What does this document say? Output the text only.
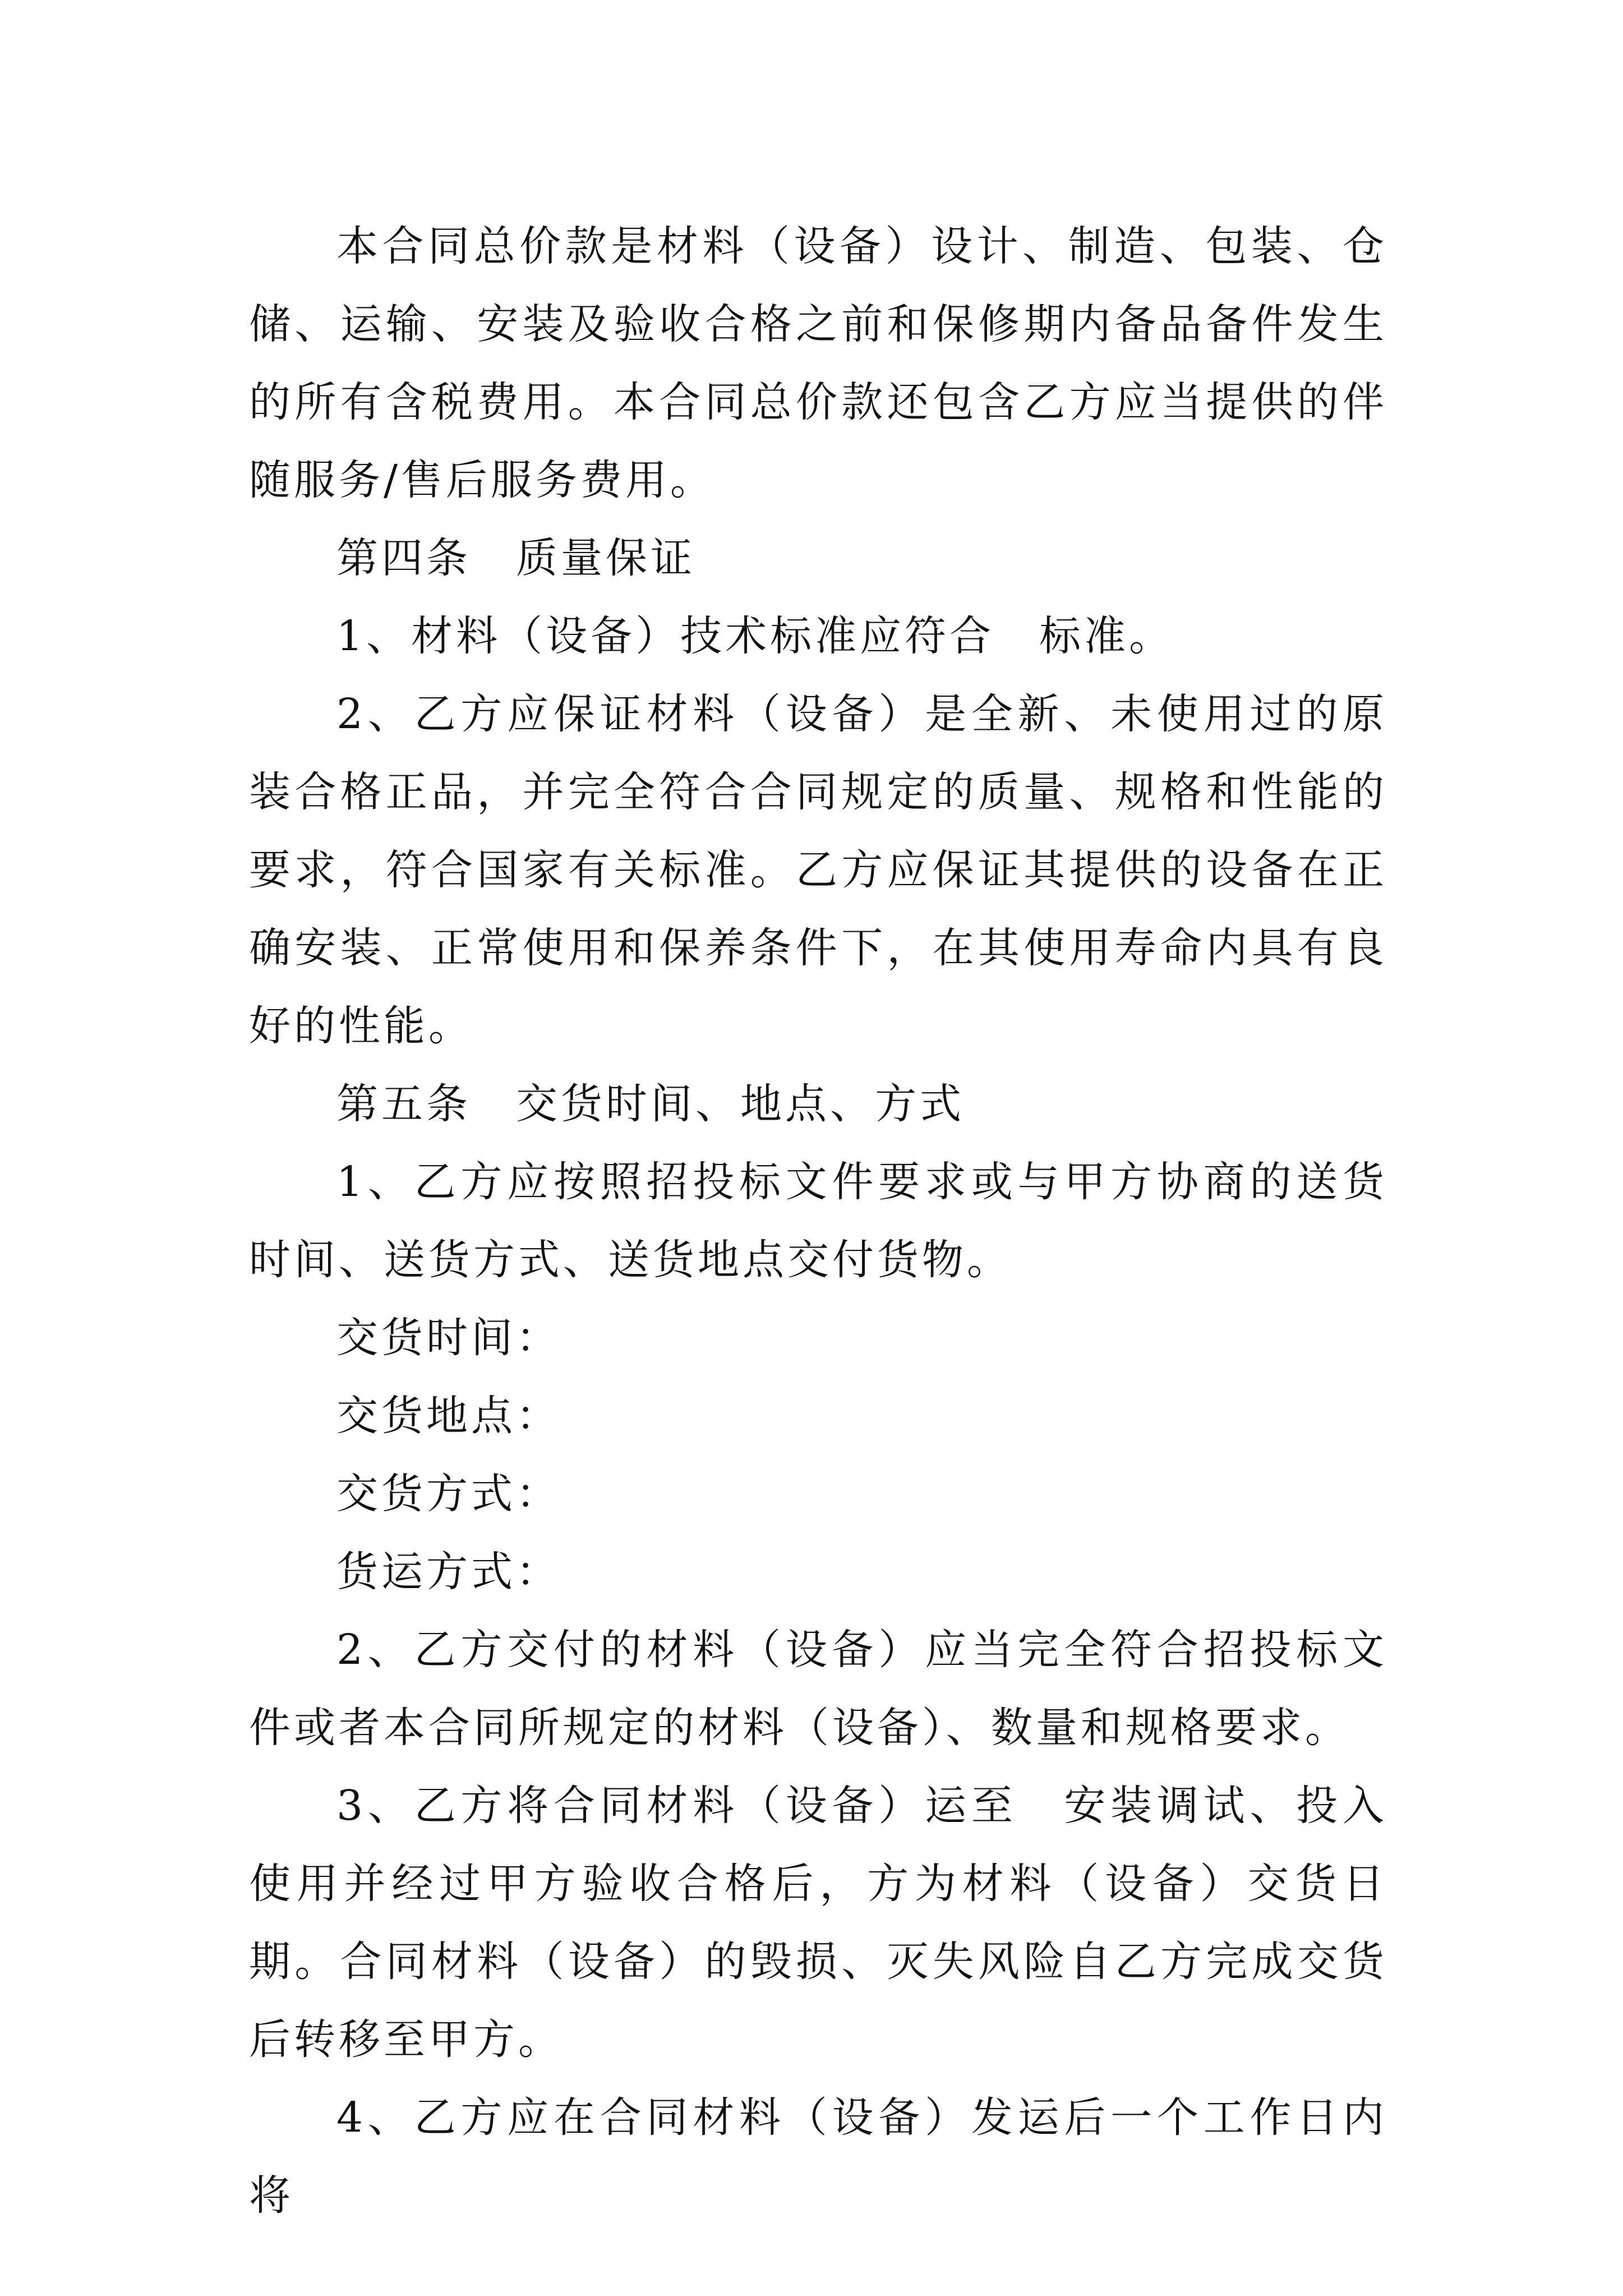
本合同总价款是材料（设备）设计、制造、包装、仓储、运输、安装及验收合格之前和保修期内备品备件发生的所有含税费用。本合同总价款还包含乙方应当提供的伴随服务/售后服务费用。

第四条　质量保证

1、材料（设备）技术标准应符合　标准。

2、乙方应保证材料（设备）是全新、未使用过的原装合格正品，并完全符合合同规定的质量、规格和性能的要求，符合国家有关标准。乙方应保证其提供的设备在正确安装、正常使用和保养条件下，在其使用寿命内具有良好的性能。

第五条　交货时间、地点、方式

1、乙方应按照招投标文件要求或与甲方协商的送货时间、送货方式、送货地点交付货物。

交货时间：

交货地点：

交货方式：

货运方式：

2、乙方交付的材料（设备）应当完全符合招投标文件或者本合同所规定的材料（设备）、数量和规格要求。

3、乙方将合同材料（设备）运至　安装调试、投入使用并经过甲方验收合格后，方为材料（设备）交货日期。合同材料（设备）的毁损、灭失风险自乙方完成交货后转移至甲方。

4、乙方应在合同材料（设备）发运后一个工作日内将
